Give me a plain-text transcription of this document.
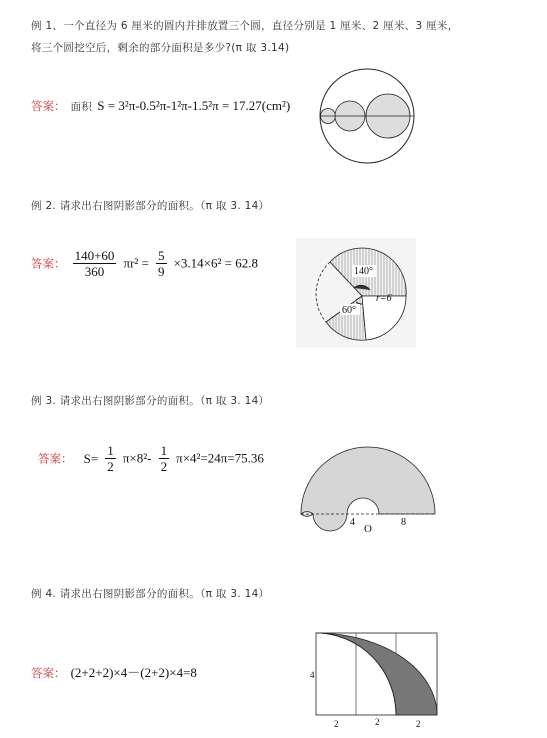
例 1、一个直径为 6 厘米的圆内并排放置三个圆，直径分别是 1 厘米、2 厘米、3 厘米，
将三个圆挖空后，剩余的部分面积是多少?(π 取 3.14)
答案： 面积 S = 3²π-0.5²π-1²π-1.5²π = 17.27(cm²)
例 2. 请求出右图阴影部分的面积。（π 取 3. 14）
答案： $\frac{140+60}{360} \pi r^2 = \frac{5}{9} \times 3.14\times 6^2 = 62.8$
140°
60°
r=6
例 3. 请求出右图阴影部分的面积。（π 取 3. 14）
答案： $S= \frac{1}{2} \pi\times 8^2- \frac{1}{2} \pi\times 4^2=24\pi=75.36$
4
O
8
例 4. 请求出右图阴影部分的面积。（π 取 3. 14）
答案： (2+2+2)×4－(2+2)×4=8	4
2	2	2
